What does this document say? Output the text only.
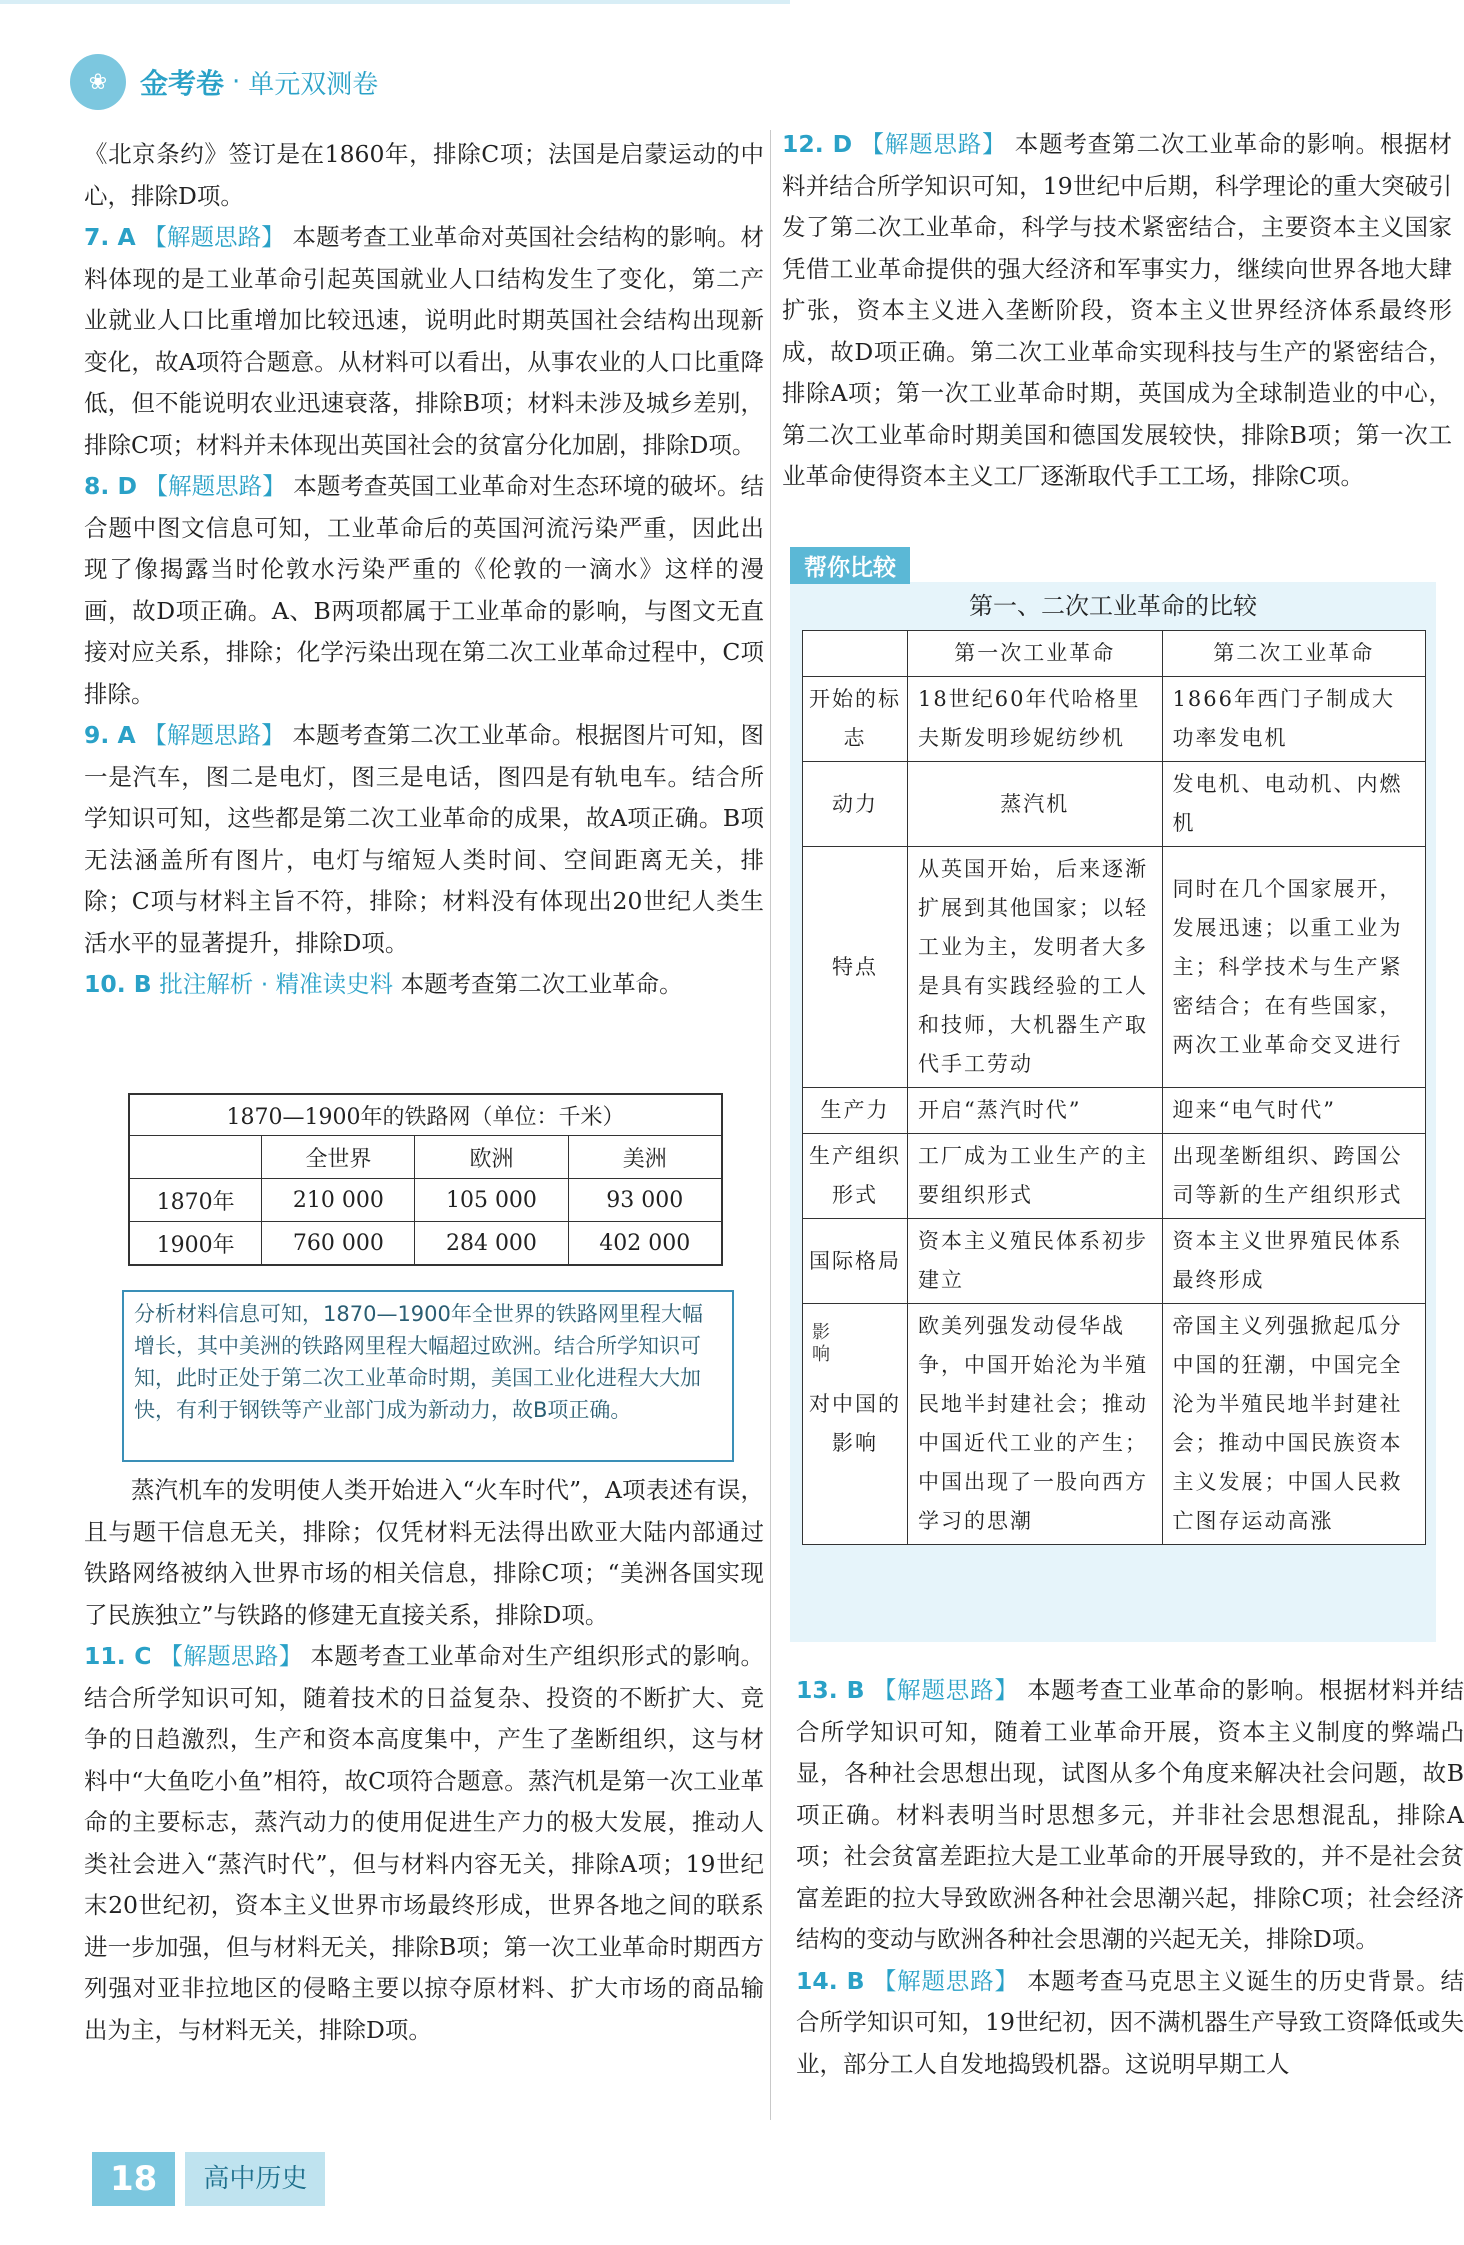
❀	金考卷 · 单元双测卷

《北京条约》签订是在1860年，排除C项；法国是启蒙运动的中心，排除D项。

7. A 【解题思路】 本题考查工业革命对英国社会结构的影响。材料体现的是工业革命引起英国就业人口结构发生了变化，第二产业就业人口比重增加比较迅速，说明此时期英国社会结构出现新变化，故A项符合题意。从材料可以看出，从事农业的人口比重降低，但不能说明农业迅速衰落，排除B项；材料未涉及城乡差别，排除C项；材料并未体现出英国社会的贫富分化加剧，排除D项。

8. D 【解题思路】 本题考查英国工业革命对生态环境的破坏。结合题中图文信息可知，工业革命后的英国河流污染严重，因此出现了像揭露当时伦敦水污染严重的《伦敦的一滴水》这样的漫画，故D项正确。A、B两项都属于工业革命的影响，与图文无直接对应关系，排除；化学污染出现在第二次工业革命过程中，C项排除。

9. A 【解题思路】 本题考查第二次工业革命。根据图片可知，图一是汽车，图二是电灯，图三是电话，图四是有轨电车。结合所学知识可知，这些都是第二次工业革命的成果，故A项正确。B项无法涵盖所有图片，电灯与缩短人类时间、空间距离无关，排除；C项与材料主旨不符，排除；材料没有体现出20世纪人类生活水平的显著提升，排除D项。

10. B 批注解析 · 精准读史料 本题考查第二次工业革命。

1870—1900年的铁路网（单位：千米）			
	全世界	欧洲	美洲
1870年	210 000	105 000	93 000
1900年	760 000	284 000	402 000
分析材料信息可知，1870—1900年全世界的铁路网里程大幅增长，其中美洲的铁路网里程大幅超过欧洲。结合所学知识可知，此时正处于第二次工业革命时期，美国工业化进程大大加快，有利于钢铁等产业部门成为新动力，故B项正确。

蒸汽机车的发明使人类开始进入“火车时代”，A项表述有误，且与题干信息无关，排除；仅凭材料无法得出欧亚大陆内部通过铁路网络被纳入世界市场的相关信息，排除C项；“美洲各国实现了民族独立”与铁路的修建无直接关系，排除D项。

11. C 【解题思路】 本题考查工业革命对生产组织形式的影响。结合所学知识可知，随着技术的日益复杂、投资的不断扩大、竞争的日趋激烈，生产和资本高度集中，产生了垄断组织，这与材料中“大鱼吃小鱼”相符，故C项符合题意。蒸汽机是第一次工业革命的主要标志，蒸汽动力的使用促进生产力的极大发展，推动人类社会进入“蒸汽时代”，但与材料内容无关，排除A项；19世纪末20世纪初，资本主义世界市场最终形成，世界各地之间的联系进一步加强，但与材料无关，排除B项；第一次工业革命时期西方列强对亚非拉地区的侵略主要以掠夺原材料、扩大市场的商品输出为主，与材料无关，排除D项。

12. D 【解题思路】 本题考查第二次工业革命的影响。根据材料并结合所学知识可知，19世纪中后期，科学理论的重大突破引发了第二次工业革命，科学与技术紧密结合，主要资本主义国家凭借工业革命提供的强大经济和军事实力，继续向世界各地大肆扩张，资本主义进入垄断阶段，资本主义世界经济体系最终形成，故D项正确。第二次工业革命实现科技与生产的紧密结合，排除A项；第一次工业革命时期，英国成为全球制造业的中心，第二次工业革命时期美国和德国发展较快，排除B项；第一次工业革命使得资本主义工厂逐渐取代手工工场，排除C项。

帮你比较
第一、二次工业革命的比较
	第一次工业革命	第二次工业革命
开始的标志	18世纪60年代哈格里夫斯发明珍妮纺纱机	1866年西门子制成大功率发电机
动力	蒸汽机	发电机、电动机、内燃机
特点	从英国开始，后来逐渐扩展到其他国家；以轻工业为主，发明者大多是具有实践经验的工人和技师，大机器生产取代手工劳动	同时在几个国家展开，发展迅速；以重工业为主；科学技术与生产紧密结合；在有些国家，两次工业革命交叉进行
生产力	开启“蒸汽时代”	迎来“电气时代”
生产组织形式	工厂成为工业生产的主要组织形式	出现垄断组织、跨国公司等新的生产组织形式
国际格局	资本主义殖民体系初步建立	资本主义世界殖民体系最终形成
对中国的影响	欧美列强发动侵华战争，中国开始沦为半殖民地半封建社会；推动中国近代工业的产生；中国出现了一股向西方学习的思潮	帝国主义列强掀起瓜分中国的狂潮，中国完全沦为半殖民地半封建社会；推动中国民族资本主义发展；中国人民救亡图存运动高涨
影响

13. B 【解题思路】 本题考查工业革命的影响。根据材料并结合所学知识可知，随着工业革命开展，资本主义制度的弊端凸显，各种社会思想出现，试图从多个角度来解决社会问题，故B项正确。材料表明当时思想多元，并非社会思想混乱，排除A项；社会贫富差距拉大是工业革命的开展导致的，并不是社会贫富差距的拉大导致欧洲各种社会思潮兴起，排除C项；社会经济结构的变动与欧洲各种社会思潮的兴起无关，排除D项。

14. B 【解题思路】 本题考查马克思主义诞生的历史背景。结合所学知识可知，19世纪初，因不满机器生产导致工资降低或失业，部分工人自发地捣毁机器。这说明早期工人

18	高中历史
